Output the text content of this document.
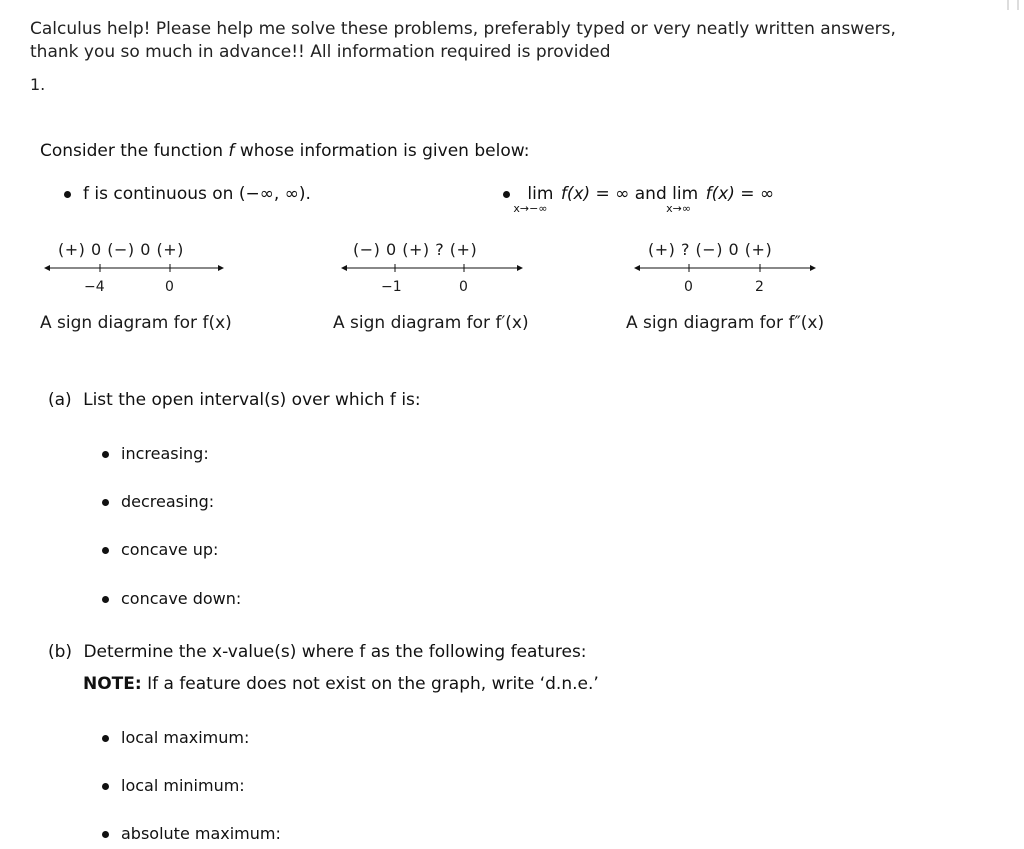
Calculus help! Please help me solve these problems, preferably typed or very neatly written answers, thank you so much in advance!! All information required is provided
1.
Consider the function f whose information is given below:
f is continuous on (−∞, ∞).	lim
x→−∞
f(x) = ∞ and lim
x→∞
f(x) = ∞
(+) 0 (−) 0 (+)
−4	0
A sign diagram for f(x)
(−) 0 (+) ? (+)
−1	0
A sign diagram for f′(x)
(+) ? (−) 0 (+)
0	2
A sign diagram for f″(x)
(a) List the open interval(s) over which f is:
increasing:
decreasing:
concave up:
concave down:
(b) Determine the x-value(s) where f as the following features:
NOTE: If a feature does not exist on the graph, write ‘d.n.e.’
local maximum:
local minimum:
absolute maximum:
